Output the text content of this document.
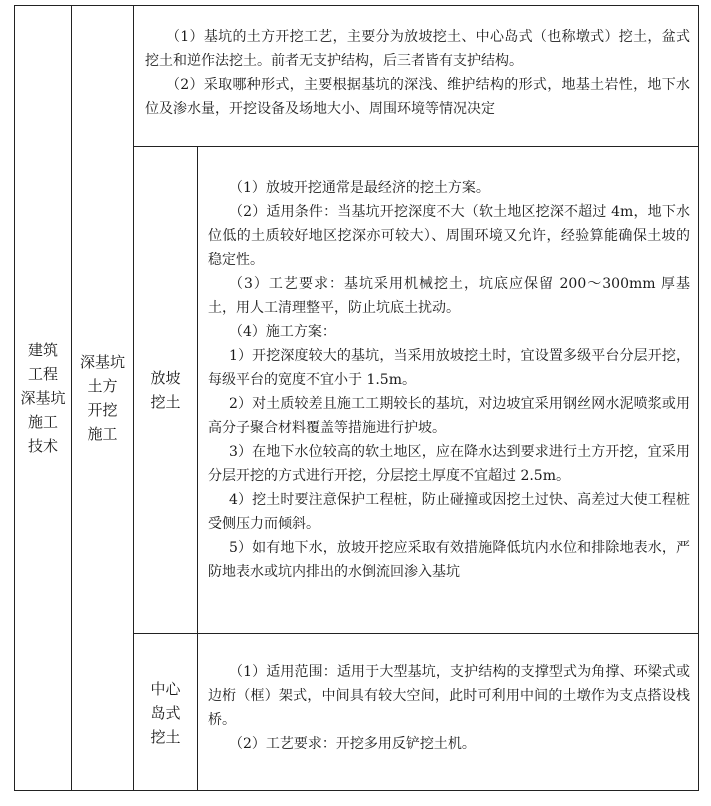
建筑
工程
深基坑
施工
技术
深基坑
土方
开挖
施工

（1）基坑的土方开挖工艺，主要分为放坡挖土、中心岛式（也称墩式）挖土，盆式挖土和逆作法挖土。前者无支护结构，后三者皆有支护结构。

（2）采取哪种形式，主要根据基坑的深浅、维护结构的形式，地基土岩性，地下水位及渗水量，开挖设备及场地大小、周围环境等情况决定

放坡
挖土

（1）放坡开挖通常是最经济的挖土方案。

（2）适用条件：当基坑开挖深度不大（软土地区挖深不超过 4m，地下水位低的土质较好地区挖深亦可较大）、周围环境又允许，经验算能确保土坡的稳定性。

（3）工艺要求：基坑采用机械挖土，坑底应保留 200～300mm 厚基土，用人工清理整平，防止坑底土扰动。

（4）施工方案：

1）开挖深度较大的基坑，当采用放坡挖土时，宜设置多级平台分层开挖，每级平台的宽度不宜小于 1.5m。

2）对土质较差且施工工期较长的基坑，对边坡宜采用钢丝网水泥喷浆或用高分子聚合材料覆盖等措施进行护坡。

3）在地下水位较高的软土地区，应在降水达到要求进行土方开挖，宜采用分层开挖的方式进行开挖，分层挖土厚度不宜超过 2.5m。

4）挖土时要注意保护工程桩，防止碰撞或因挖土过快、高差过大使工程桩受侧压力而倾斜。

5）如有地下水，放坡开挖应采取有效措施降低坑内水位和排除地表水，严防地表水或坑内排出的水倒流回渗入基坑

中心
岛式
挖土

（1）适用范围：适用于大型基坑，支护结构的支撑型式为角撑、环梁式或边桁（框）架式，中间具有较大空间，此时可利用中间的土墩作为支点搭设栈桥。

（2）工艺要求：开挖多用反铲挖土机。
